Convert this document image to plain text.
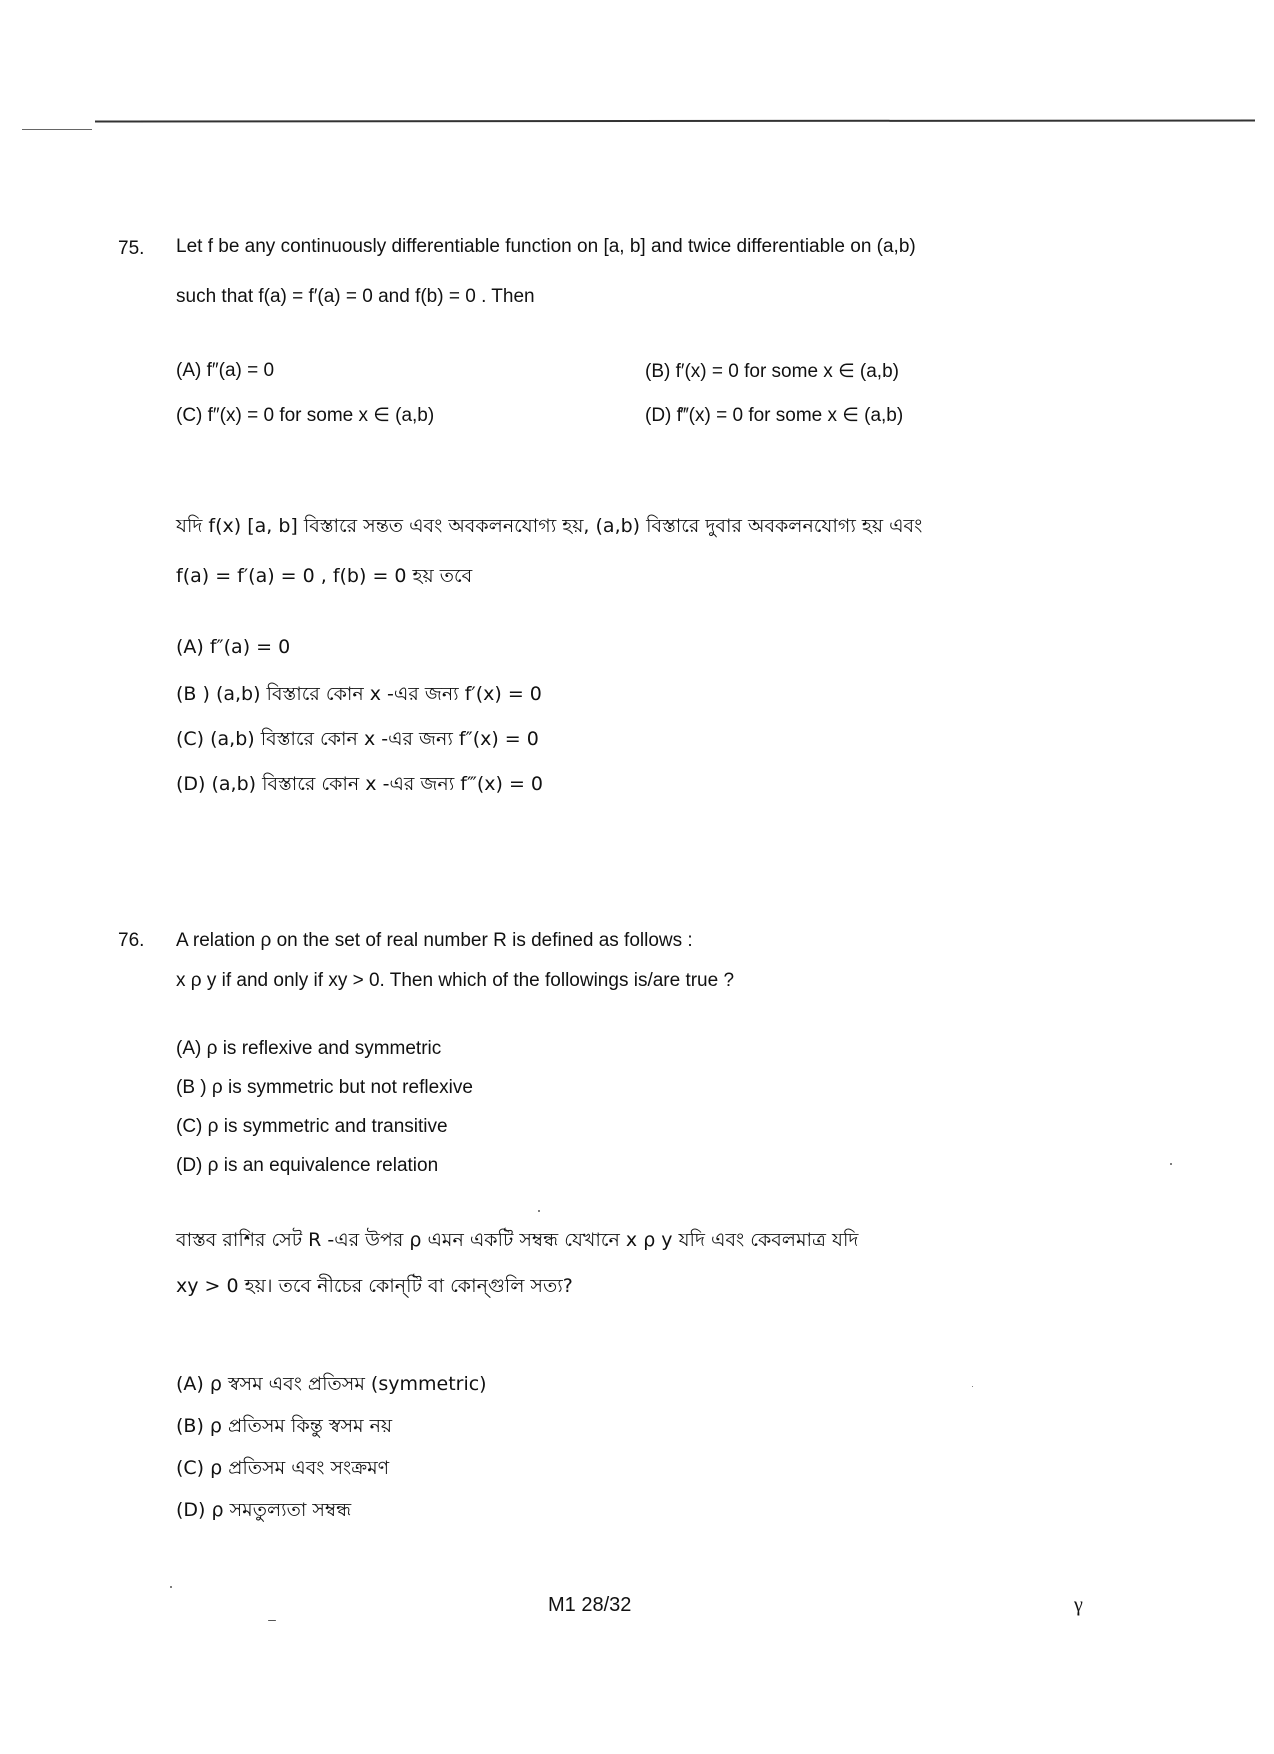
75. Let f be any continuously differentiable function on [a, b] and twice differentiable on (a,b)
such that f(a) = f′(a) = 0 and f(b) = 0 . Then
(A) f″(a) = 0	(B) f′(x) = 0 for some x ∈ (a,b)
(C) f″(x) = 0 for some x ∈ (a,b)	(D) f‴(x) = 0 for some x ∈ (a,b)
যদি f(x) [a, b] বিস্তারে সন্তত এবং অবকলনযোগ্য হয়, (a,b) বিস্তারে দুবার অবকলনযোগ্য হয় এবং
f(a) = f′(a) = 0 , f(b) = 0 হয় তবে
(A) f″(a) = 0
(B ) (a,b) বিস্তারে কোন x -এর জন্য f′(x) = 0
(C) (a,b) বিস্তারে কোন x -এর জন্য f″(x) = 0
(D) (a,b) বিস্তারে কোন x -এর জন্য f‴(x) = 0
76. A relation ρ on the set of real number R is defined as follows :
x ρ y if and only if xy > 0. Then which of the followings is/are true ?
(A) ρ is reflexive and symmetric
(B ) ρ is symmetric but not reflexive
(C) ρ is symmetric and transitive
(D) ρ is an equivalence relation
বাস্তব রাশির সেট R -এর উপর ρ এমন একটি সম্বন্ধ যেখানে x ρ y যদি এবং কেবলমাত্র যদি
xy > 0 হয়। তবে নীচের কোন্‌টি বা কোন্‌গুলি সত্য?
(A) ρ স্বসম এবং প্রতিসম (symmetric)
(B) ρ প্রতিসম কিন্তু স্বসম নয়
(C) ρ প্রতিসম এবং সংক্রমণ
(D) ρ সমতুল্যতা সম্বন্ধ
M1 28/32	γ
